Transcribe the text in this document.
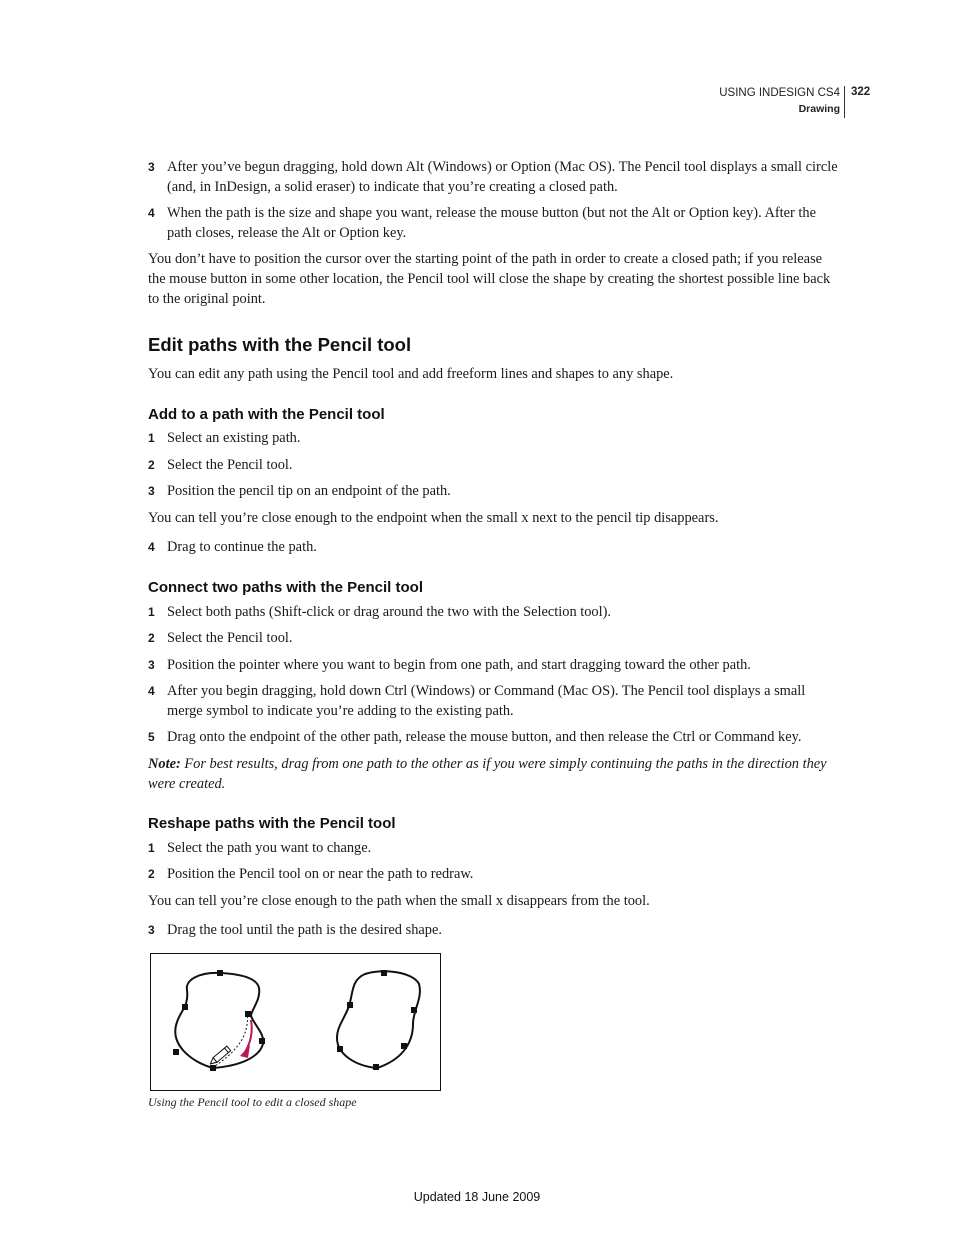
USING INDESIGN CS4
Drawing
322
3 After you’ve begun dragging, hold down Alt (Windows) or Option (Mac OS). The Pencil tool displays a small circle (and, in InDesign, a solid eraser) to indicate that you’re creating a closed path.
4 When the path is the size and shape you want, release the mouse button (but not the Alt or Option key). After the path closes, release the Alt or Option key.
You don’t have to position the cursor over the starting point of the path in order to create a closed path; if you release the mouse button in some other location, the Pencil tool will close the shape by creating the shortest possible line back to the original point.
Edit paths with the Pencil tool
You can edit any path using the Pencil tool and add freeform lines and shapes to any shape.
Add to a path with the Pencil tool
1 Select an existing path.
2 Select the Pencil tool.
3 Position the pencil tip on an endpoint of the path.
You can tell you’re close enough to the endpoint when the small x next to the pencil tip disappears.
4 Drag to continue the path.
Connect two paths with the Pencil tool
1 Select both paths (Shift-click or drag around the two with the Selection tool).
2 Select the Pencil tool.
3 Position the pointer where you want to begin from one path, and start dragging toward the other path.
4 After you begin dragging, hold down Ctrl (Windows) or Command (Mac OS). The Pencil tool displays a small merge symbol to indicate you’re adding to the existing path.
5 Drag onto the endpoint of the other path, release the mouse button, and then release the Ctrl or Command key.
Note: For best results, drag from one path to the other as if you were simply continuing the paths in the direction they were created.
Reshape paths with the Pencil tool
1 Select the path you want to change.
2 Position the Pencil tool on or near the path to redraw.
You can tell you’re close enough to the path when the small x disappears from the tool.
3 Drag the tool until the path is the desired shape.
Using the Pencil tool to edit a closed shape
Updated 18 June 2009
